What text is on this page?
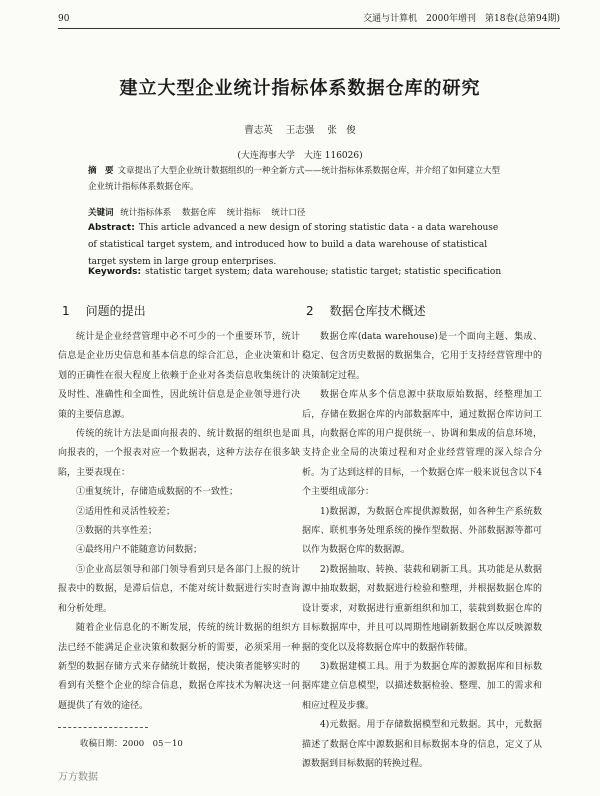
90	交通与计算机　2000年增刊　第18卷(总第94期)
建立大型企业统计指标体系数据仓库的研究
曹志英 王志强 张　俊
(大连海事大学　大连 116026)
摘　要 文章提出了大型企业统计数据组织的一种全新方式——统计指标体系数据仓库，并介绍了如何建立大型企业统计指标体系数据仓库。
关键词 统计指标体系 数据仓库 统计指标 统计口径
Abstract: This article advanced a new design of storing statistic data - a data warehouse of statistical target system, and introduced how to build a data warehouse of statistical target system in large group enterprises.
Keywords: statistic target system; data warehouse; statistic target; statistic specification
1 问题的提出

统计是企业经营管理中必不可少的一个重要环节，统计信息是企业历史信息和基本信息的综合汇总，企业决策和计划的正确性在很大程度上依赖于企业对各类信息收集统计的及时性、准确性和全面性，因此统计信息是企业领导进行决策的主要信息源。

传统的统计方法是面向报表的、统计数据的组织也是面向报表的，一个报表对应一个数据表，这种方法存在很多缺陷，主要表现在：

①重复统计，存储造成数据的不一致性；

②适用性和灵活性较差；

③数据的共享性差；

④最终用户不能随意访问数据；

⑤企业高层领导和部门领导看到只是各部门上报的统计报表中的数据，是滞后信息，不能对统计数据进行实时查询和分析处理。

随着企业信息化的不断发展，传统的统计数据的组织方法已经不能满足企业决策和数据分析的需要，必须采用一种新型的数据存储方式来存储统计数据，使决策者能够实时的看到有关整个企业的综合信息，数据仓库技术为解决这一问题提供了有效的途径。

2 数据仓库技术概述

数据仓库(data warehouse)是一个面向主题、集成、稳定、包含历史数据的数据集合，它用于支持经营管理中的决策制定过程。

数据仓库从多个信息源中获取原始数据，经整理加工后，存储在数据仓库的内部数据库中，通过数据仓库访问工具，向数据仓库的用户提供统一、协调和集成的信息环境，支持企业全局的决策过程和对企业经营管理的深入综合分析。为了达到这样的目标，一个数据仓库一般来说包含以下4个主要组成部分：

1)数据源，为数据仓库提供源数据，如各种生产系统数据库、联机事务处理系统的操作型数据、外部数据源等都可以作为数据仓库的数据源。

2)数据抽取、转换、装载和刷新工具。其功能是从数据源中抽取数据，对数据进行检验和整理，并根据数据仓库的设计要求，对数据进行重新组织和加工，装载到数据仓库的目标数据库中，并且可以周期性地刷新数据仓库以反映源数据的变化以及将数据仓库中的数据作转储。

3)数据建模工具。用于为数据仓库的源数据库和目标数据库建立信息模型，以描述数据检验、整理、加工的需求和相应过程及步骤。

4)元数据。用于存储数据模型和元数据。其中，元数据描述了数据仓库中源数据和目标数据本身的信息，定义了从源数据到目标数据的转换过程。

收稿日期：2000　05－10
万方数据
